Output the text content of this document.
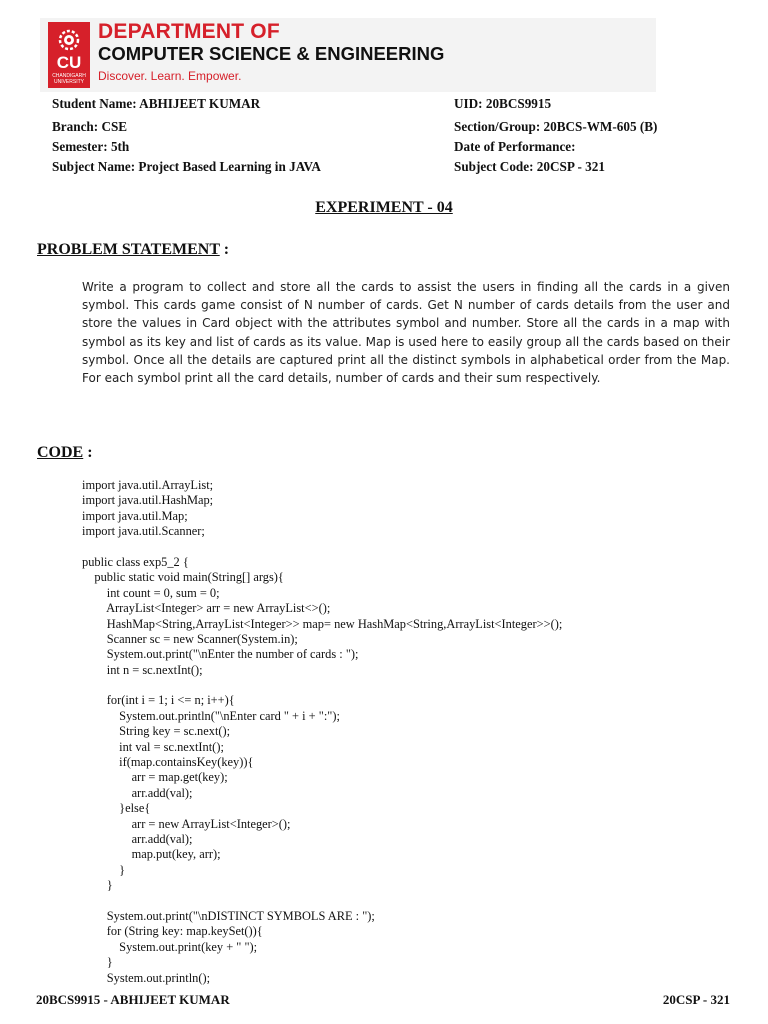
CU
CHANDIGARH UNIVERSITY
DEPARTMENT OF
COMPUTER SCIENCE & ENGINEERING
Discover. Learn. Empower.
Student Name: ABHIJEET KUMAR	UID: 20BCS9915
Branch: CSE	Section/Group: 20BCS-WM-605 (B)
Semester: 5th	Date of Performance:
Subject Name: Project Based Learning in JAVA	Subject Code: 20CSP - 321
EXPERIMENT - 04
PROBLEM STATEMENT :
Write a program to collect and store all the cards to assist the users in finding all the cards in a given symbol. This cards game consist of N number of cards. Get N number of cards details from the user and store the values in Card object with the attributes symbol and number. Store all the cards in a map with symbol as its key and list of cards as its value. Map is used here to easily group all the cards based on their symbol. Once all the details are captured print all the distinct symbols in alphabetical order from the Map. For each symbol print all the card details, number of cards and their sum respectively.
CODE :
import java.util.ArrayList;
import java.util.HashMap;
import java.util.Map;
import java.util.Scanner;
public class exp5_2 {
public static void main(String[] args){
int count = 0, sum = 0;
ArrayList<Integer> arr = new ArrayList<>();
HashMap<String,ArrayList<Integer>> map= new HashMap<String,ArrayList<Integer>>();
Scanner sc = new Scanner(System.in);
System.out.print("\nEnter the number of cards : ");
int n = sc.nextInt();
for(int i = 1; i <= n; i++){
System.out.println("\nEnter card " + i + ":");
String key = sc.next();
int val = sc.nextInt();
if(map.containsKey(key)){
arr = map.get(key);
arr.add(val);
}else{
arr = new ArrayList<Integer>();
arr.add(val);
map.put(key, arr);
}
}
System.out.print("\nDISTINCT SYMBOLS ARE : ");
for (String key: map.keySet()){
System.out.print(key + " ");
}
System.out.println();
20BCS9915 - ABHIJEET KUMAR	20CSP - 321
